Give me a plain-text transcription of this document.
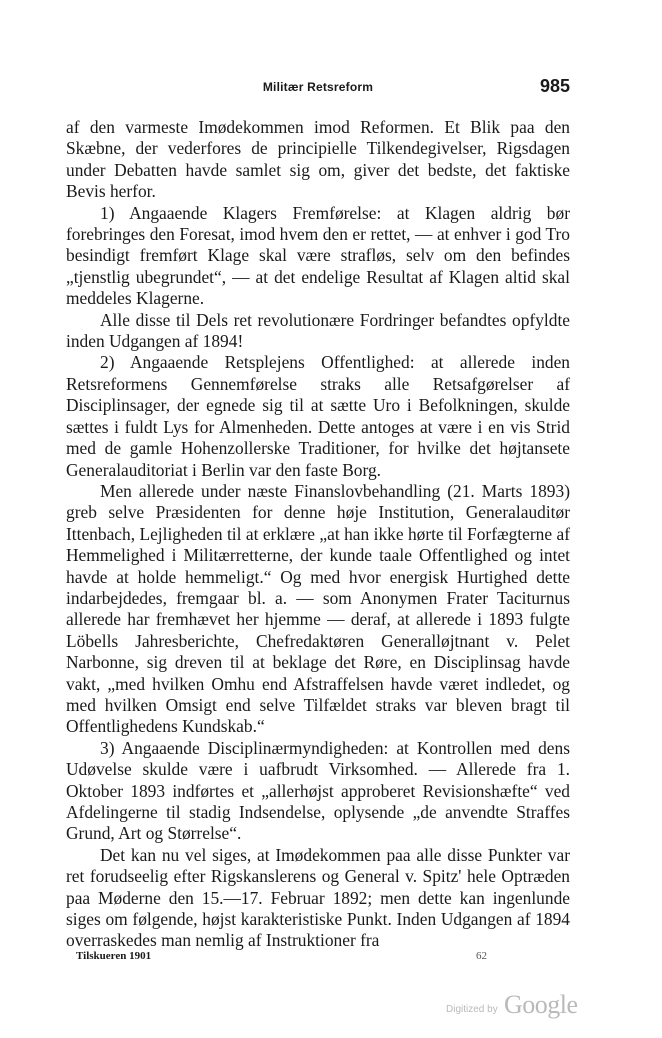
Militær Retsreform	985

af den varmeste Imødekommen imod Reformen. Et Blik paa den Skæbne, der vederfores de principielle Tilkendegivelser, Rigsdagen under Debatten havde samlet sig om, giver det bedste, det faktiske Bevis herfor.

1) Angaaende Klagers Fremførelse: at Klagen aldrig bør forebringes den Foresat, imod hvem den er rettet, — at enhver i god Tro besindigt fremført Klage skal være strafløs, selv om den befindes „tjenstlig ubegrundet“, — at det endelige Resultat af Klagen altid skal meddeles Klagerne.

Alle disse til Dels ret revolutionære Fordringer befandtes opfyldte inden Udgangen af 1894!

2) Angaaende Retsplejens Offentlighed: at allerede inden Retsreformens Gennemførelse straks alle Retsafgørelser af Disciplinsager, der egnede sig til at sætte Uro i Befolkningen, skulde sættes i fuldt Lys for Almenheden. Dette antoges at være i en vis Strid med de gamle Hohenzollerske Traditioner, for hvilke det højtansete Generalauditoriat i Berlin var den faste Borg.

Men allerede under næste Finanslovbehandling (21. Marts 1893) greb selve Præsidenten for denne høje Institution, Generalauditør Ittenbach, Lejligheden til at erklære „at han ikke hørte til Forfægterne af Hemmelighed i Militærretterne, der kunde taale Offentlighed og intet havde at holde hemmeligt.“ Og med hvor energisk Hurtighed dette indarbejdedes, fremgaar bl. a. — som Anonymen Frater Taciturnus allerede har fremhævet her hjemme — deraf, at allerede i 1893 fulgte Löbells Jahresberichte, Chefredaktøren Generalløjtnant v. Pelet Narbonne, sig dreven til at beklage det Røre, en Disciplinsag havde vakt, „med hvilken Omhu end Afstraffelsen havde været indledet, og med hvilken Omsigt end selve Tilfældet straks var bleven bragt til Offentlighedens Kundskab.“

3) Angaaende Disciplinærmyndigheden: at Kontrollen med dens Udøvelse skulde være i uafbrudt Virksomhed. — Allerede fra 1. Oktober 1893 indførtes et „allerhøjst approberet Revisionshæfte“ ved Afdelingerne til stadig Indsendelse, oplysende „de anvendte Straffes Grund, Art og Størrelse“.

Det kan nu vel siges, at Imødekommen paa alle disse Punkter var ret forudseelig efter Rigskanslerens og General v. Spitz' hele Optræden paa Møderne den 15.—17. Februar 1892; men dette kan ingenlunde siges om følgende, højst karakteristiske Punkt. Inden Udgangen af 1894 overraskedes man nemlig af Instruktioner fra

Tilskueren 1901	62
Digitized by Google
